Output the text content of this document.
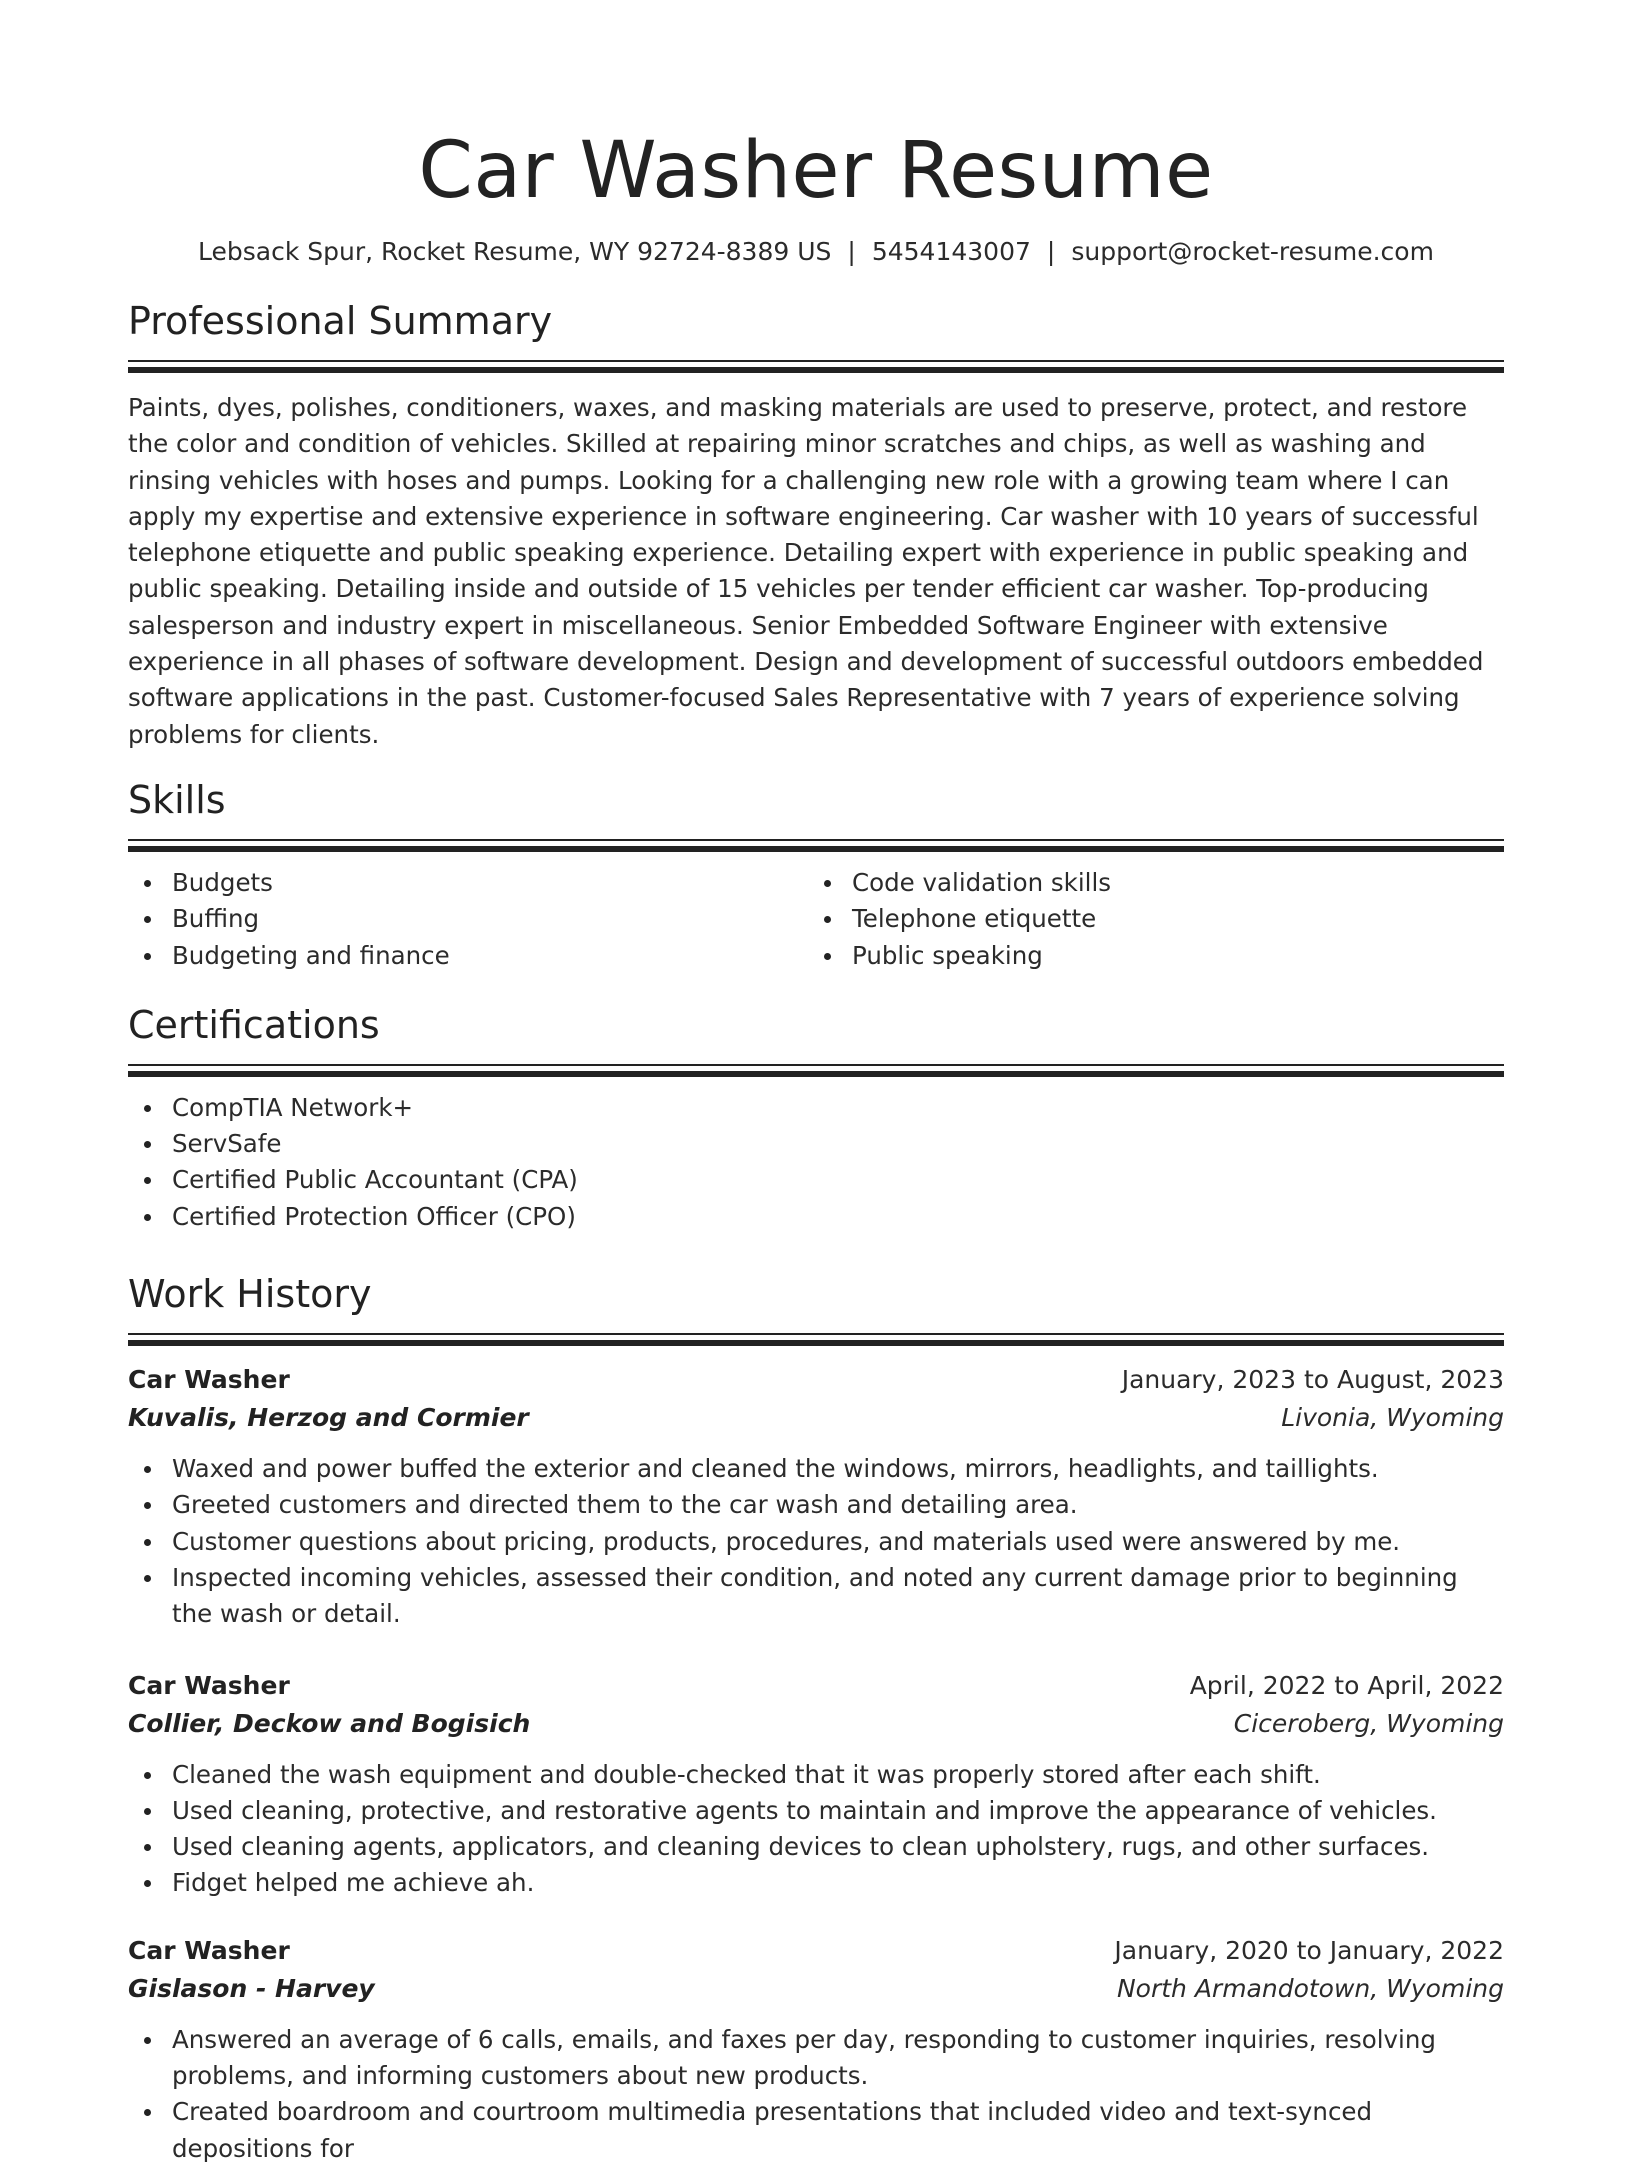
Car Washer Resume
Lebsack Spur, Rocket Resume, WY 92724-8389 US | 5454143007 | support@rocket-resume.com
Professional Summary

Paints, dyes, polishes, conditioners, waxes, and masking materials are used to preserve, protect, and restore the color and condition of vehicles. Skilled at repairing minor scratches and chips, as well as washing and rinsing vehicles with hoses and pumps. Looking for a challenging new role with a growing team where I can apply my expertise and extensive experience in software engineering. Car washer with 10 years of successful telephone etiquette and public speaking experience. Detailing expert with experience in public speaking and public speaking. Detailing inside and outside of 15 vehicles per tender efficient car washer. Top-producing salesperson and industry expert in miscellaneous. Senior Embedded Software Engineer with extensive experience in all phases of software development. Design and development of successful outdoors embedded software applications in the past. Customer-focused Sales Representative with 7 years of experience solving problems for clients.

Skills
Budgets
Buffing
Budgeting and finance
Code validation skills
Telephone etiquette
Public speaking
Certifications
CompTIA Network+
ServSafe
Certified Public Accountant (CPA)
Certified Protection Officer (CPO)
Work History
Car Washer	January, 2023 to August, 2023
Kuvalis, Herzog and Cormier	Livonia, Wyoming
Waxed and power buffed the exterior and cleaned the windows, mirrors, headlights, and taillights.
Greeted customers and directed them to the car wash and detailing area.
Customer questions about pricing, products, procedures, and materials used were answered by me.
Inspected incoming vehicles, assessed their condition, and noted any current damage prior to beginning the wash or detail.
Car Washer	April, 2022 to April, 2022
Collier, Deckow and Bogisich	Ciceroberg, Wyoming
Cleaned the wash equipment and double-checked that it was properly stored after each shift.
Used cleaning, protective, and restorative agents to maintain and improve the appearance of vehicles.
Used cleaning agents, applicators, and cleaning devices to clean upholstery, rugs, and other surfaces.
Fidget helped me achieve ah.
Car Washer	January, 2020 to January, 2022
Gislason - Harvey	North Armandotown, Wyoming
Answered an average of 6 calls, emails, and faxes per day, responding to customer inquiries, resolving problems, and informing customers about new products.
Created boardroom and courtroom multimedia presentations that included video and text-synced depositions for
